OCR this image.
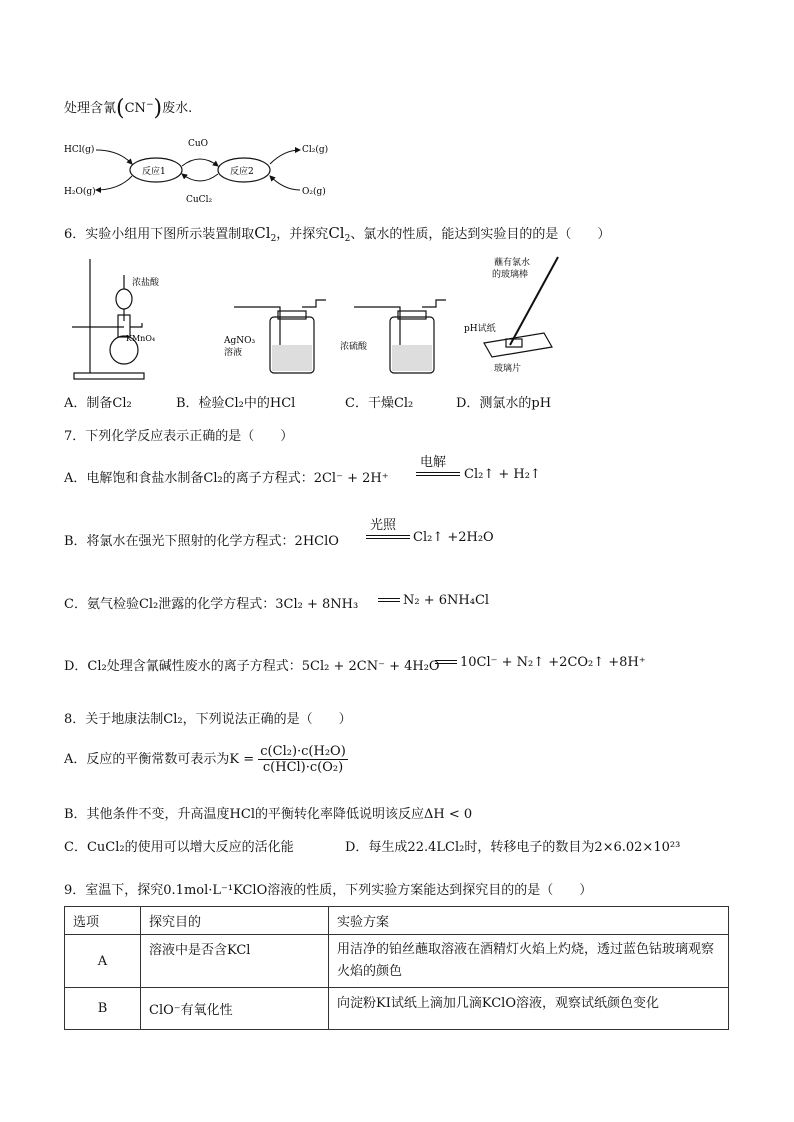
处理含氰(CN−)废水.
HCl(g)
H₂O(g)
Cl₂(g)
O₂(g)
反应1	反应2
CuO
CuCl₂
6．实验小组用下图所示装置制取$Cl_2$，并探究$Cl_2$、氯水的性质，能达到实验目的的是（　　）
浓盐酸
KMnO₄	AgNO₃
溶液
浓硫酸
蘸有氯水
的玻璃棒
pH试纸
玻璃片
A．制备Cl₂	B．检验Cl₂中的HCl	C．干燥Cl₂	D．测氯水的pH
7．下列化学反应表示正确的是（　　）
A．电解饱和食盐水制备Cl₂的离子方程式：2Cl⁻ + 2H⁺
电解
Cl₂↑ + H₂↑
B．将氯水在强光下照射的化学方程式：2HClO
光照
Cl₂↑ +2H₂O
C．氨气检验Cl₂泄露的化学方程式：3Cl₂ + 8NH₃	N₂ + 6NH₄Cl
D．Cl₂处理含氰碱性废水的离子方程式：5Cl₂ + 2CN⁻ + 4H₂O 10Cl⁻ + N₂↑ +2CO₂↑ +8H⁺
8．关于地康法制Cl₂，下列说法正确的是（　　）
A．反应的平衡常数可表示为$K = \frac{\text{c(Cl₂)·c(H₂O)}}{\text{c(HCl)·c(O₂)}}$
B．其他条件不变，升高温度HCl的平衡转化率降低说明该反应ΔH < 0
C．CuCl₂的使用可以增大反应的活化能	D．每生成22.4LCl₂时，转移电子的数目为2×6.02×10²³
9．室温下，探究0.1mol·L⁻¹KClO溶液的性质，下列实验方案能达到探究目的的是（　　）
选项	探究目的	实验方案
A	溶液中是否含KCl	用洁净的铂丝蘸取溶液在酒精灯火焰上灼烧，透过蓝色钴玻璃观察火焰的颜色
B	ClO⁻有氧化性	向淀粉KI试纸上滴加几滴KClO溶液，观察试纸颜色变化
